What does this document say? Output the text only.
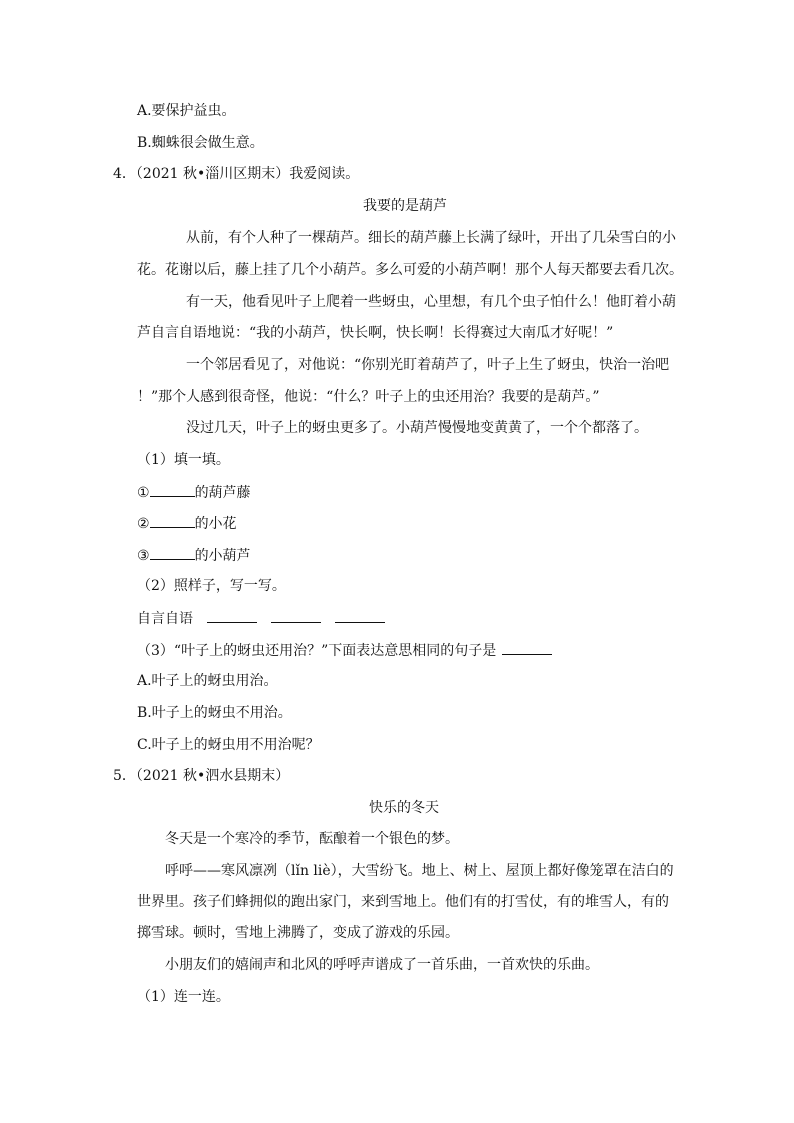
A.要保护益虫。
B.蜘蛛很会做生意。
4．（2021 秋•淄川区期末）我爱阅读。
我要的是葫芦
从前，有个人种了一棵葫芦。细长的葫芦藤上长满了绿叶，开出了几朵雪白的小
花。花谢以后，藤上挂了几个小葫芦。多么可爱的小葫芦啊！那个人每天都要去看几次。
有一天，他看见叶子上爬着一些蚜虫，心里想，有几个虫子怕什么！他盯着小葫
芦自言自语地说：“我的小葫芦，快长啊，快长啊！长得赛过大南瓜才好呢！”
一个邻居看见了，对他说：“你别光盯着葫芦了，叶子上生了蚜虫，快治一治吧
！”那个人感到很奇怪，他说：“什么？叶子上的虫还用治？我要的是葫芦。”
没过几天，叶子上的蚜虫更多了。小葫芦慢慢地变黄黄了，一个个都落了。
（1）填一填。
①	的葫芦藤
②	的小花
③	的小葫芦
（2）照样子，写一写。
自言自语
（3）“叶子上的蚜虫还用治？”下面表达意思相同的句子是
A.叶子上的蚜虫用治。
B.叶子上的蚜虫不用治。
C.叶子上的蚜虫用不用治呢？
5．（2021 秋•泗水县期末）
快乐的冬天
冬天是一个寒冷的季节，酝酿着一个银色的梦。
呼呼——寒风凛冽（lǐn liè），大雪纷飞。地上、树上、屋顶上都好像笼罩在洁白的
世界里。孩子们蜂拥似的跑出家门，来到雪地上。他们有的打雪仗，有的堆雪人，有的
掷雪球。顿时，雪地上沸腾了，变成了游戏的乐园。
小朋友们的嬉闹声和北风的呼呼声谱成了一首乐曲，一首欢快的乐曲。
（1）连一连。
